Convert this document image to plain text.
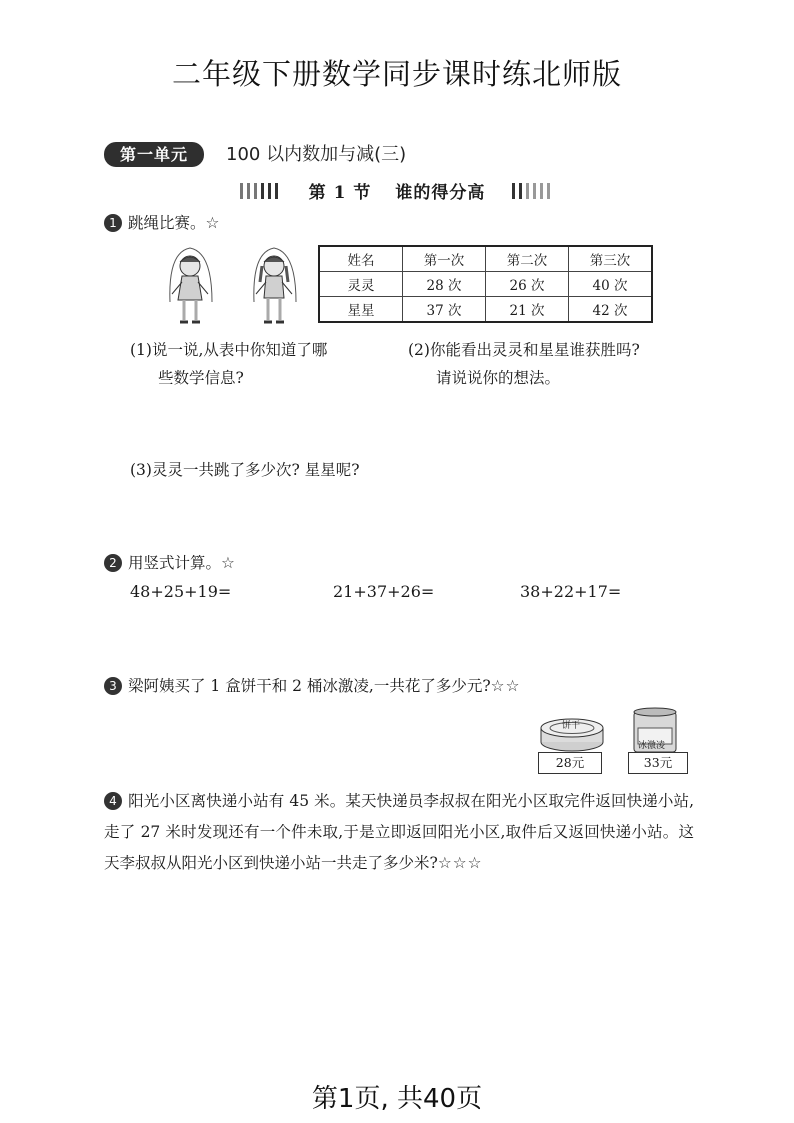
二年级下册数学同步课时练北师版
第一单元	100 以内数加与减(三)
第 1 节 谁的得分高
1 跳绳比赛。☆
姓名	第一次	第二次	第三次
灵灵	28 次	26 次	40 次
星星	37 次	21 次	42 次
(1)说一说,从表中你知道了哪
些数学信息?
(2)你能看出灵灵和星星谁获胜吗?
请说说你的想法。
(3)灵灵一共跳了多少次? 星星呢?
2 用竖式计算。☆
48+25+19=	21+37+26=	38+22+17=
3 梁阿姨买了 1 盒饼干和 2 桶冰激凌,一共花了多少元?☆☆
饼干
28元
冰激凌
33元
4 阳光小区离快递小站有 45 米。某天快递员李叔叔在阳光小区取完件返回快递小站,走了 27 米时发现还有一个件未取,于是立即返回阳光小区,取件后又返回快递小站。这天李叔叔从阳光小区到快递小站一共走了多少米?☆☆☆
第1页, 共40页
